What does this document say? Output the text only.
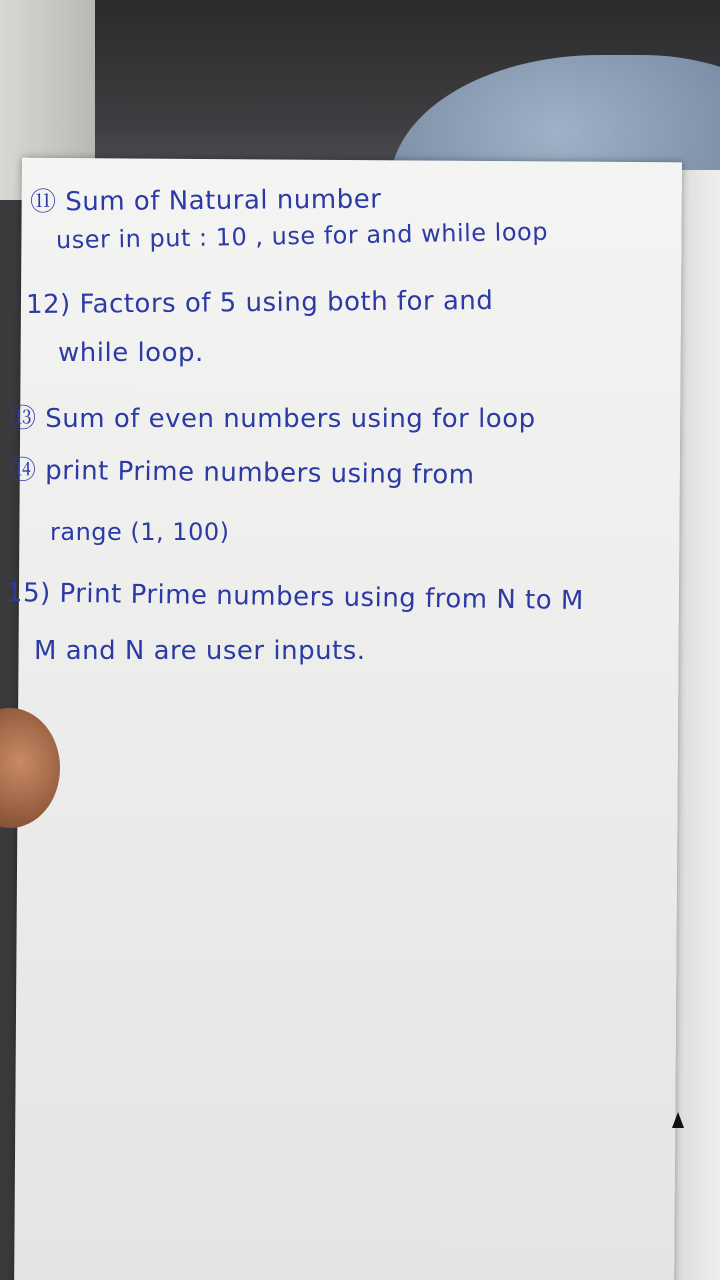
⑪ Sum of Natural number
user in put : 10 , use for and while loop
12) Factors of 5 using both for and
while loop.
⑬ Sum of even numbers using for loop
⑭ print Prime numbers using from
range (1, 100)
15) Print Prime numbers using from N to M
M and N are user inputs.
